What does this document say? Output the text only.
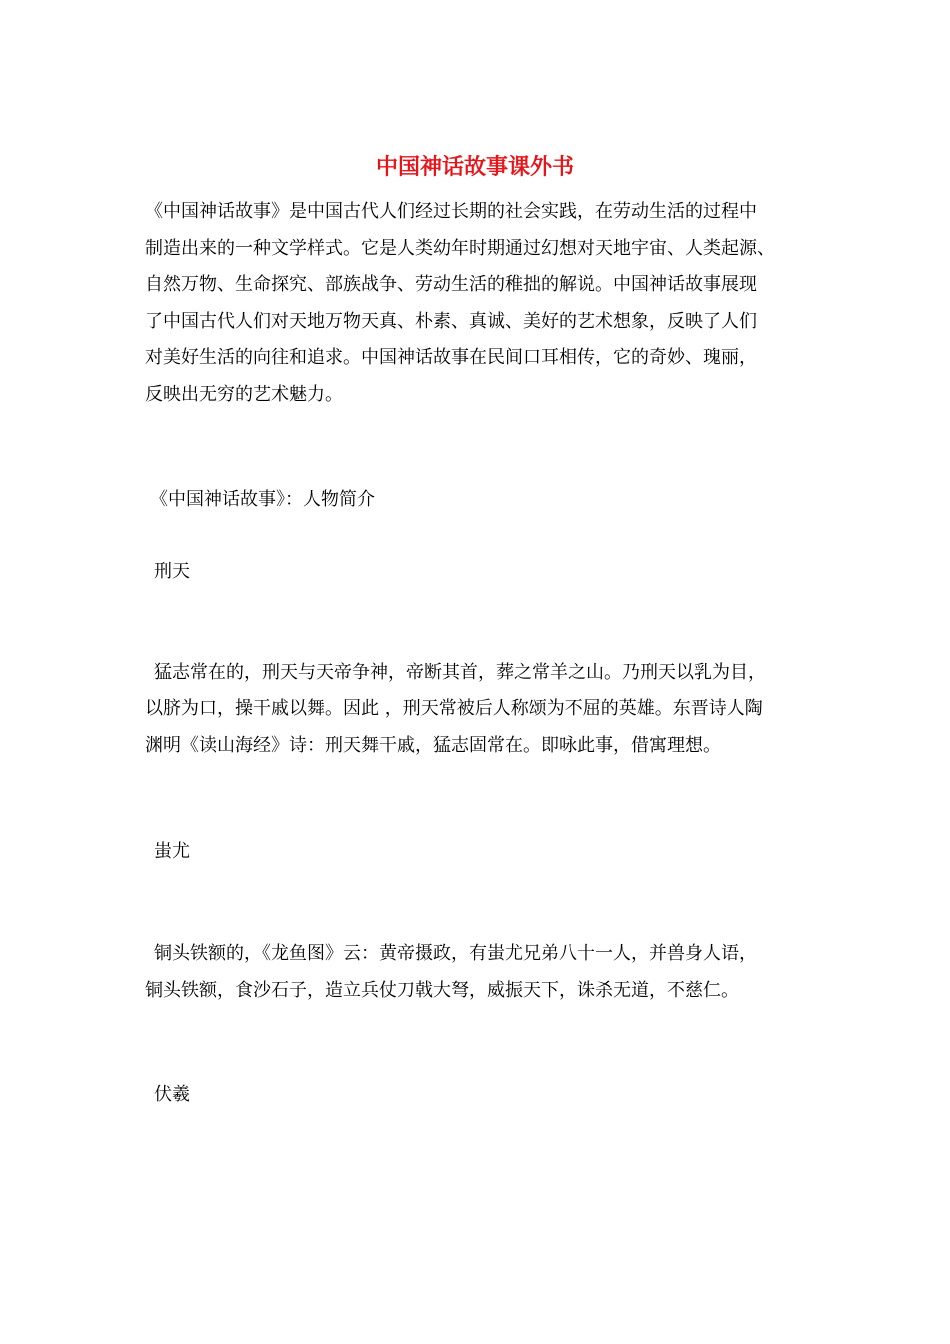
中国神话故事课外书
《中国神话故事》是中国古代人们经过长期的社会实践，在劳动生活的过程中
制造出来的一种文学样式。它是人类幼年时期通过幻想对天地宇宙、人类起源、
自然万物、生命探究、部族战争、劳动生活的稚拙的解说。中国神话故事展现
了中国古代人们对天地万物天真、朴素、真诚、美好的艺术想象，反映了人们
对美好生活的向往和追求。中国神话故事在民间口耳相传，它的奇妙、瑰丽，
反映出无穷的艺术魅力。
《中国神话故事》：人物简介
刑天
猛志常在的，刑天与天帝争神，帝断其首，葬之常羊之山。乃刑天以乳为目，
以脐为口，操干戚以舞。因此 ，刑天常被后人称颂为不屈的英雄。东晋诗人陶
渊明《读山海经》诗：刑天舞干戚，猛志固常在。即咏此事，借寓理想。
蚩尤
铜头铁额的，《龙鱼图》云：黄帝摄政，有蚩尤兄弟八十一人，并兽身人语，
铜头铁额，食沙石子，造立兵仗刀戟大弩，威振天下，诛杀无道，不慈仁。
伏羲
